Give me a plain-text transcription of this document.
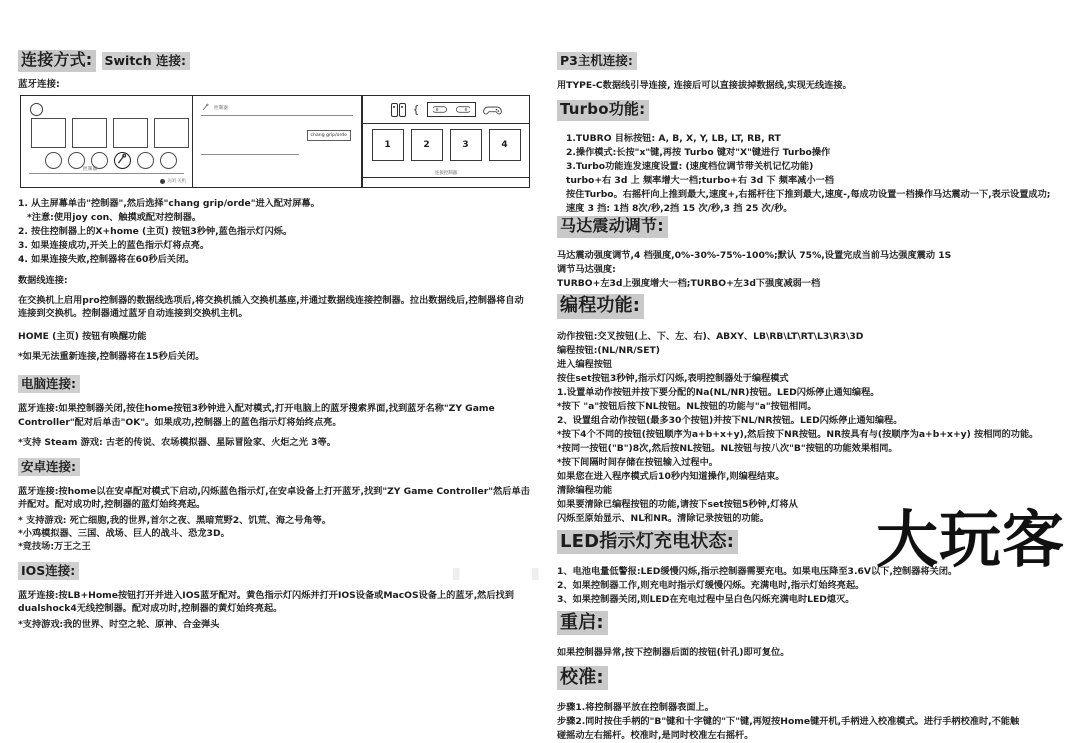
连接方式: Switch 连接:
蓝牙连接:
控制器
关闭 关机
控制器
chang grip/orde
{
1	2	3	4
连接控制器
1. 从主屏幕单击"控制器",然后选择"chang grip/orde"进入配对屏幕。
*注意:使用joy con、触摸或配对控制器。
2. 按住控制器上的X+home (主页) 按钮3秒钟,蓝色指示灯闪烁。
3. 如果连接成功,开关上的蓝色指示灯将点亮。
4. 如果连接失败,控制器将在60秒后关闭。
数据线连接:
在交换机上启用pro控制器的数据线选项后,将交换机插入交换机基座,并通过数据线连接控制器。拉出数据线后,控制器将自动连接到交换机。控制器通过蓝牙自动连接到交换机主机。
HOME (主页) 按钮有唤醒功能
*如果无法重新连接,控制器将在15秒后关闭。
电脑连接:
蓝牙连接:如果控制器关闭,按住home按钮3秒钟进入配对模式,打开电脑上的蓝牙搜索界面,找到蓝牙名称"ZY Game Controller"配对后单击"OK"。如果成功,控制器上的蓝色指示灯将始终点亮。
*支持 Steam 游戏: 古老的传说、农场模拟器、星际冒险家、火炬之光 3等。
安卓连接:
蓝牙连接:按home以在安卓配对模式下启动,闪烁蓝色指示灯,在安卓设备上打开蓝牙,找到"ZY Game Controller"然后单击并配对。配对成功时,控制器的蓝灯始终亮起。
* 支持游戏: 死亡细胞,我的世界,首尔之夜、黑暗荒野2、饥荒、海之号角等。
*小鸡模拟器、三国、战场、巨人的战斗、恐龙3D。
*竞技场:万王之王
IOS连接:
蓝牙连接:按LB+Home按钮打开并进入IOS蓝牙配对。黄色指示灯闪烁并打开IOS设备或MacOS设备上的蓝牙,然后找到dualshock4无线控制器。配对成功时,控制器的黄灯始终亮起。
*支持游戏:我的世界、时空之轮、原神、合金弹头
P3主机连接:
用TYPE-C数据线引导连接, 连接后可以直接拔掉数据线,实现无线连接。
Turbo功能:
1.TUBRO 目标按钮: A, B, X, Y, LB, LT, RB, RT
2.操作模式:长按"x"键,再按 Turbo 键对"X"键进行 Turbo操作
3.Turbo功能连发速度设置: (速度档位调节带关机记忆功能)
turbo+右 3d 上 频率增大一档;turbo+右 3d 下 频率减小一档
按住Turbo。右摇杆向上推到最大,速度+,右摇杆往下推到最大,速度-,每成功设置一档操作马达震动一下,表示设置成功;
速度 3 挡: 1挡 8次/秒,2挡 15 次/秒,3 挡 25 次/秒。
马达震动调节:
马达震动强度调节,4 档强度,0%-30%-75%-100%;默认 75%,设置完成当前马达强度震动 1S
调节马达强度:
TURBO+左3d上强度增大一档;TURBO+左3d下强度减弱一档
编程功能:
动作按钮:交叉按钮(上、下、左、右)、ABXY、LB\RB\LT\RT\L3\R3\3D
编程按钮:(NL/NR/SET)
进入编程按钮
按住set按钮3秒钟,指示灯闪烁,表明控制器处于编程模式
1.设置单动作按钮并按下要分配的Na(NL/NR)按钮。LED闪烁停止通知编程。
*按下 "a"按钮后按下NL按钮。NL按钮的功能与"a"按钮相同。
2、设置组合动作按钮(最多30个按钮)并按下NL/NR按钮。LED闪烁停止通知编程。
*按下4个不同的按钮(按钮顺序为a+b+x+y),然后按下NR按钮。NR按具有与(按顺序为a+b+x+y) 按相同的功能。
*按同一按钮("B")8次,然后按NL按钮。NL按钮与按八次"B"按钮的功能效果相同。
*按下间隔时间存储在按钮输入过程中。
如果您在进入程序模式后10秒内知道操作,则编程结束。
清除编程功能
如果要清除已编程按钮的功能,请按下set按钮5秒钟,灯将从
闪烁至原始显示、NL和NR。清除记录按钮的功能。
LED指示灯充电状态:
1、电池电量低警报:LED缓慢闪烁,指示控制器需要充电。如果电压降至3.6V以下,控制器将关闭。
2、如果控制器工作,则充电时指示灯缓慢闪烁。充满电时,指示灯始终亮起。
3、如果控制器关闭,则LED在充电过程中呈白色闪烁充满电时LED熄灭。
重启:
如果控制器异常,按下控制器后面的按钮(针孔)即可复位。
校准:
步骤1.将控制器平放在控制器表面上。
步骤2.同时按住手柄的"B"键和十字键的"下"键,再短按Home键开机,手柄进入校准模式。进行手柄校准时,不能触
碰摇动左右摇杆。校准时,是同时校准左右摇杆。
大玩客
